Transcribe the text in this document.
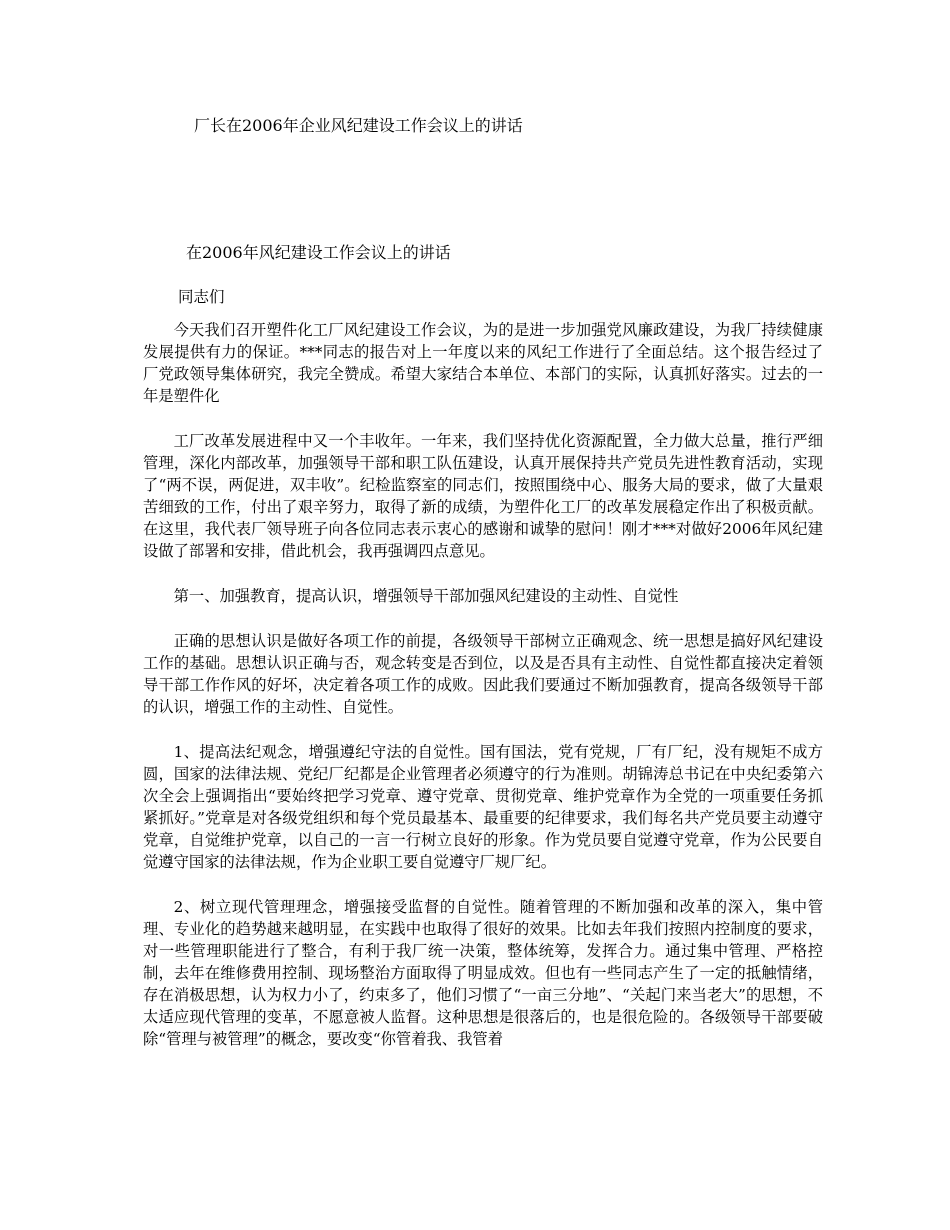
厂长在2006年企业风纪建设工作会议上的讲话
在2006年风纪建设工作会议上的讲话

同志们

今天我们召开塑件化工厂风纪建设工作会议，为的是进一步加强党风廉政建设，为我厂持续健康发展提供有力的保证。***同志的报告对上一年度以来的风纪工作进行了全面总结。这个报告经过了厂党政领导集体研究，我完全赞成。希望大家结合本单位、本部门的实际，认真抓好落实。过去的一年是塑件化

工厂改革发展进程中又一个丰收年。一年来，我们坚持优化资源配置，全力做大总量，推行严细管理，深化内部改革，加强领导干部和职工队伍建设，认真开展保持共产党员先进性教育活动，实现了“两不误，两促进，双丰收”。纪检监察室的同志们，按照围绕中心、服务大局的要求，做了大量艰苦细致的工作，付出了艰辛努力，取得了新的成绩，为塑件化工厂的改革发展稳定作出了积极贡献。在这里，我代表厂领导班子向各位同志表示衷心的感谢和诚挚的慰问！刚才***对做好2006年风纪建设做了部署和安排，借此机会，我再强调四点意见。

第一、加强教育，提高认识，增强领导干部加强风纪建设的主动性、自觉性

正确的思想认识是做好各项工作的前提，各级领导干部树立正确观念、统一思想是搞好风纪建设工作的基础。思想认识正确与否，观念转变是否到位，以及是否具有主动性、自觉性都直接决定着领导干部工作作风的好坏，决定着各项工作的成败。因此我们要通过不断加强教育，提高各级领导干部的认识，增强工作的主动性、自觉性。

1、提高法纪观念，增强遵纪守法的自觉性。国有国法，党有党规，厂有厂纪，没有规矩不成方圆，国家的法律法规、党纪厂纪都是企业管理者必须遵守的行为准则。胡锦涛总书记在中央纪委第六次全会上强调指出“要始终把学习党章、遵守党章、贯彻党章、维护党章作为全党的一项重要任务抓紧抓好。”党章是对各级党组织和每个党员最基本、最重要的纪律要求，我们每名共产党员要主动遵守党章，自觉维护党章，以自己的一言一行树立良好的形象。作为党员要自觉遵守党章，作为公民要自觉遵守国家的法律法规，作为企业职工要自觉遵守厂规厂纪。

2、树立现代管理理念，增强接受监督的自觉性。随着管理的不断加强和改革的深入，集中管理、专业化的趋势越来越明显，在实践中也取得了很好的效果。比如去年我们按照内控制度的要求，对一些管理职能进行了整合，有利于我厂统一决策，整体统筹，发挥合力。通过集中管理、严格控制，去年在维修费用控制、现场整治方面取得了明显成效。但也有一些同志产生了一定的抵触情绪，存在消极思想，认为权力小了，约束多了，他们习惯了“一亩三分地”、“关起门来当老大”的思想，不太适应现代管理的变革，不愿意被人监督。这种思想是很落后的，也是很危险的。各级领导干部要破除“管理与被管理”的概念，要改变“你管着我、我管着
